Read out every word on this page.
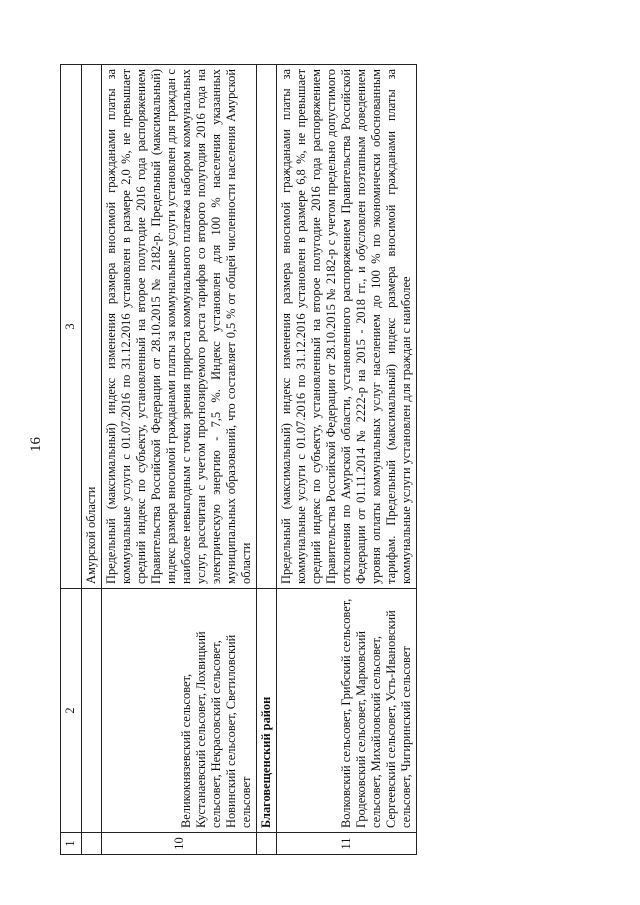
16
1	2	3
		Амурской области
10	Великокнязевский сельсовет, Кустанаевский сельсовет, Лохвицкий сельсовет, Некрасовский сельсовет, Новинский сельсовет, Светиловский сельсовет	Предельный (максимальный) индекс изменения размера вносимой гражданами платы за коммунальные услуги с 01.07.2016 по 31.12.2016 установлен в размере 2,0 %, не превышает средний индекс по субъекту, установленный на второе полугодие 2016 года распоряжением Правительства Российской Федерации от 28.10.2015 № 2182-р. Предельный (максимальный) индекс размера вносимой гражданами платы за коммунальные услуги установлен для граждан с наиболее невыгодным с точки зрения прироста коммунального платежа набором коммунальных услуг, рассчитан с учетом прогнозируемого роста тарифов со второго полугодия 2016 года на электрическую энергию - 7,5 %. Индекс установлен для 100 % населения указанных муниципальных образований, что составляет 0,5 % от общей численности населения Амурской области
	Благовещенский район	
11	Волковский сельсовет, Грибский сельсовет, Гродековский сельсовет, Марковский сельсовет, Михайловский сельсовет, Сергеевский сельсовет, Усть-Ивановский сельсовет, Чигиринский сельсовет	Предельный (максимальный) индекс изменения размера вносимой гражданами платы за коммунальные услуги с 01.07.2016 по 31.12.2016 установлен в размере 6,8 %, не превышает средний индекс по субъекту, установленный на второе полугодие 2016 года распоряжением Правительства Российской Федерации от 28.10.2015 № 2182-р с учетом предельно допустимого отклонения по Амурской области, установленного распоряжением Правительства Российской Федерации от 01.11.2014 № 2222-р на 2015 - 2018 гг., и обусловлен поэтапным доведением уровня оплаты коммунальных услуг населением до 100 % по экономически обоснованным тарифам. Предельный (максимальный) индекс размера вносимой гражданами платы за коммунальные услуги установлен для граждан с наиболее
